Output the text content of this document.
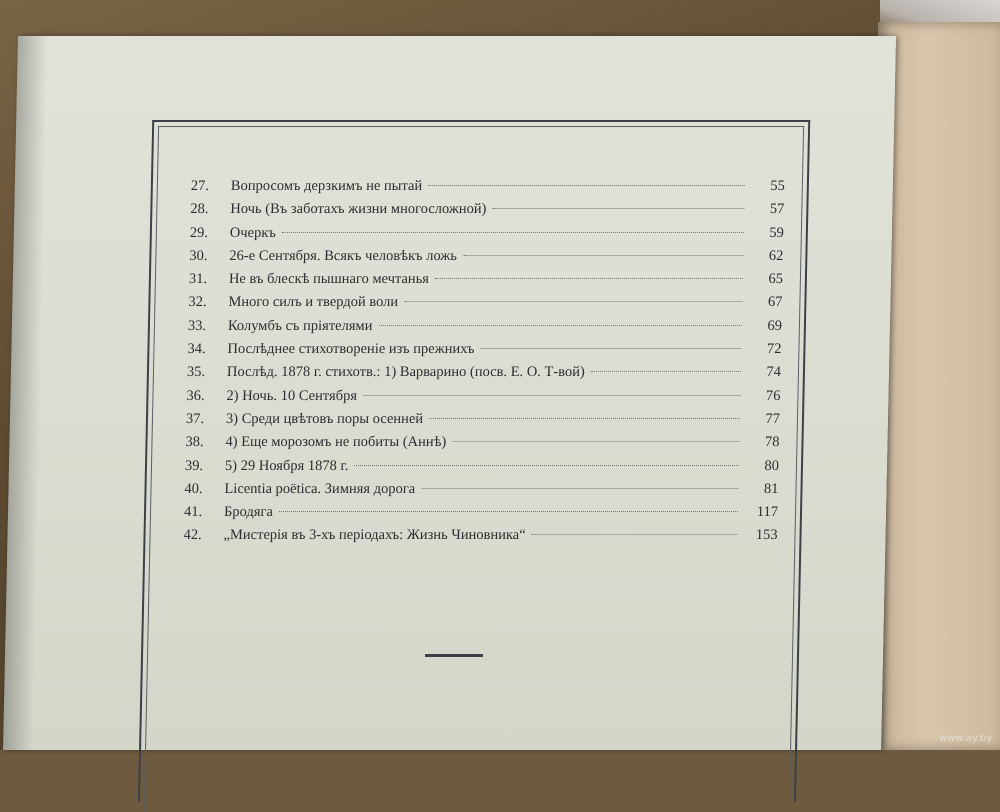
27.	Вопросомъ дерзкимъ не пытай	55
28.	Ночь (Въ заботахъ жизни многосложной)	57
29.	Очеркъ	59
30.	26-е Сентября. Всякъ человѣкъ ложь	62
31.	Не въ блескѣ пышнаго мечтанья	65
32.	Много силъ и твердой воли	67
33.	Колумбъ съ пріятелями	69
34.	Послѣднее стихотвореніе изъ прежнихъ	72
35.	Послѣд. 1878 г. стихотв.: 1) Варварино (посв. Е. О. Т-вой)	74
36.	2) Ночь. 10 Сентября	76
37.	3) Среди цвѣтовъ поры осенней	77
38.	4) Еще морозомъ не побиты (Аннѣ)	78
39.	5) 29 Ноября 1878 г.	80
40.	Licentia poëtica. Зимняя дорога	81
41.	Бродяга	117
42.	„Мистерія въ 3-хъ періодахъ: Жизнь Чиновника“	153
www.ay.by
